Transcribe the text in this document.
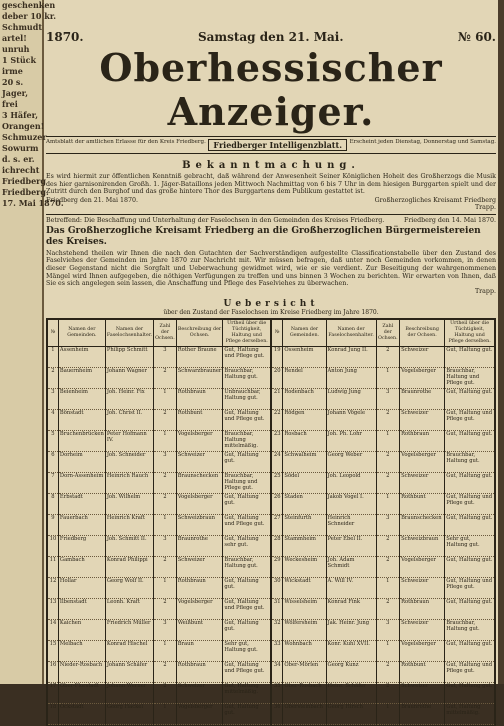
geschenken
deber 10 kr.
Schmudt
artel!
unruh
1 Stück
irme
20 s.
Jager,
frei
3 Häfer,
Orangen!
Schmuzer
Sowurm
d. s. er.
ichrecht
Friedberg
Friedberg.
17. Mai 1870.
1870.	Samstag den 21. Mai.	№ 60.
Oberhessischer Anzeiger.
Amtsblatt der amtlichen Erlasse für den Kreis Friedberg. Friedberger Intelligenzblatt.	Erscheint jeden Dienstag, Donnerstag und Samstag.
Bekanntmachung.
Es wird hiermit zur öffentlichen Kenntniß gebracht, daß während der Anwesenheit Seiner Königlichen Hoheit des Großherzogs die Musik des hier garnisonirenden Großh. 1. Jäger-Bataillons jeden Mittwoch Nachmittag von 6 bis 7 Uhr in dem hiesigen Burggarten spielt und der Zutritt durch den Burghof und das große hintere Thor des Burggartens dem Publikum gestattet ist.
Friedberg den 21. Mai 1870.	Großherzogliches Kreisamt Friedberg
Trapp.
Betreffend: Die Beschaffung und Unterhaltung der Faselochsen in den Gemeinden des Kreises Friedberg.	Friedberg den 14. Mai 1870.
Das Großherzogliche Kreisamt Friedberg an die Großherzoglichen Bürgermeistereien des Kreises.
Nachstehend theilen wir Ihnen die nach den Gutachten der Sachverständigen aufgestellte Classificationstabelle über den Zustand des Faselviehes der Gemeinden im Jahre 1870 zur Nachricht mit. Wir müssen befragen, daß unter noch Gemeinden vorkommen, in denen dieser Gegenstand nicht die Sorgfalt und Ueberwachung gewidmet wird, wie er sie verdient. Zur Beseitigung der wahrgenommenen Mängel wird Ihnen aufgegeben, die nöthigen Verfügungen zu treffen und uns binnen 3 Wochen zu berichten. Wir erwarten von Ihnen, daß Sie es sich angelegen sein lassen, die Anschaffung und Pflege des Faselviehes zu überwachen.
Trapp.
Uebersicht
über den Zustand der Faselochsen im Kreise Friedberg im Jahre 1870.
№	Namen der Gemeinden.	Namen der Faselochsenhalter.	Zahl der Ochsen.	Beschreibung der Ochsen.	Urtheil über die Tüchtigkeit, Haltung und Pflege derselben.
1	Assenheim	Philipp Schmitt	3	Rother Braune	Gut, Haltung und Pflege gut.
2	Bauernheim	Johann Wagner	2	Schwarzbrauner	Brauchbar, Haltung gut.
3	Beienheim	Joh. Heinr. Fix	1	Rothbraun	Unbrauchbar, Haltung gut.
4	Bönstadt	Joh. Christ II.	2	Rothbunt	Gut, Haltung und Pflege gut.
5	Bruchenbrücken	Peter Hofmann IV.	1	Vogelsberger	Brauchbar, Haltung mittelmäßig.
6	Dorheim	Joh. Schneider	3	Schweizer	Gut, Haltung gut.
7	Dorn-Assenheim	Heinrich Rauch	2	Braunschecken	Brauchbar, Haltung und Pflege gut.
8	Erbstadt	Joh. Wilhelm	2	Vogelsberger	Gut, Haltung gut.
9	Fauerbach	Heinrich Kraft	1	Schweizbraun	Gut, Haltung und Pflege gut.
10	Friedberg	Joh. Schmitt II.	3	Braunrothe	Gut, Haltung sehr gut.
11	Gambach	Konrad Philippi	2	Schweizer	Brauchbar, Haltung gut.
12	Hollar	Georg Wolf II.	1	Rothbraun	Gut, Haltung gut.
13	Ilbenstadt	Leonh. Kraft	2	Vogelsberger	Gut, Haltung und Pflege gut.
14	Kaichen	Friedrich Müller	3	Weißbunt	Gut, Haltung gut.
15	Melbach	Konrad Hischel	1	Braun	Sehr gut, Haltung gut.
16	Nieder-Rosbach	Johann Schäfer	2	Rothbraun	Gut, Haltung und Pflege gut.
17	Ober-Florstadt	Johann Werner	2	Schweizer	Gut, Haltung mittelmäßig.
18	Ockstadt	Georg Hackel	1	Vogelsberger	Gut, Haltung gut.
№	Namen der Gemeinden.	Namen der Faselochsenhalter.	Zahl der Ochsen.	Beschreibung der Ochsen.	Urtheil über die Tüchtigkeit, Haltung und Pflege derselben.
19	Ossenheim	Konrad Jung II.	2	Schweizer	Gut, Haltung gut.
20	Rendel	Anton Jung	1	Vogelsberger	Brauchbar, Haltung und Pflege gut.
21	Rodenbach	Ludwig Jung	3	Braunrothe	Gut, Haltung gut.
22	Rödgen	Johann Vögele	2	Schweizer	Gut, Haltung und Pflege gut.
23	Rosbach	Joh. Ph. Lohr	1	Rothbraun	Gut, Haltung gut.
24	Schwalheim	Georg Weber	2	Vogelsberger	Brauchbar, Haltung gut.
25	Södel	Joh. Leopold	2	Schweizer	Gut, Haltung gut.
26	Staden	Jakob Vogel I.	1	Rothbunt	Gut, Haltung und Pflege gut.
27	Steinfurth	Heinrich Schneider	3	Braunschecken	Gut, Haltung gut.
28	Stammheim	Peter Ebel II.	2	Schweizbraun	Sehr gut, Haltung gut.
29	Weckesheim	Joh. Adam Schmidt	2	Vogelsberger	Gut, Haltung gut.
30	Wickstadt	A. Will IV.	1	Schweizer	Gut, Haltung und Pflege gut.
31	Wisselsheim	Konrad Fink	2	Rothbraun	Gut, Haltung gut.
32	Wölfersheim	Jak. Heinr. Jung	3	Schweizer	Brauchbar, Haltung gut.
33	Wohnbach	Konr. Kuhl XVII.	1	Vogelsberger	Gut, Haltung gut.
34	Ober-Mörlen	Georg Kunz	2	Rothbunt	Gut, Haltung und Pflege gut.
35	Ober-Rosbach	Heinr. Schäfer	2	Schweizer	Gut, Haltung gut.
36	Obersteinbach	Georg Hirsch	1	Braunrothe	Gut, Haltung mittelmäßig.
